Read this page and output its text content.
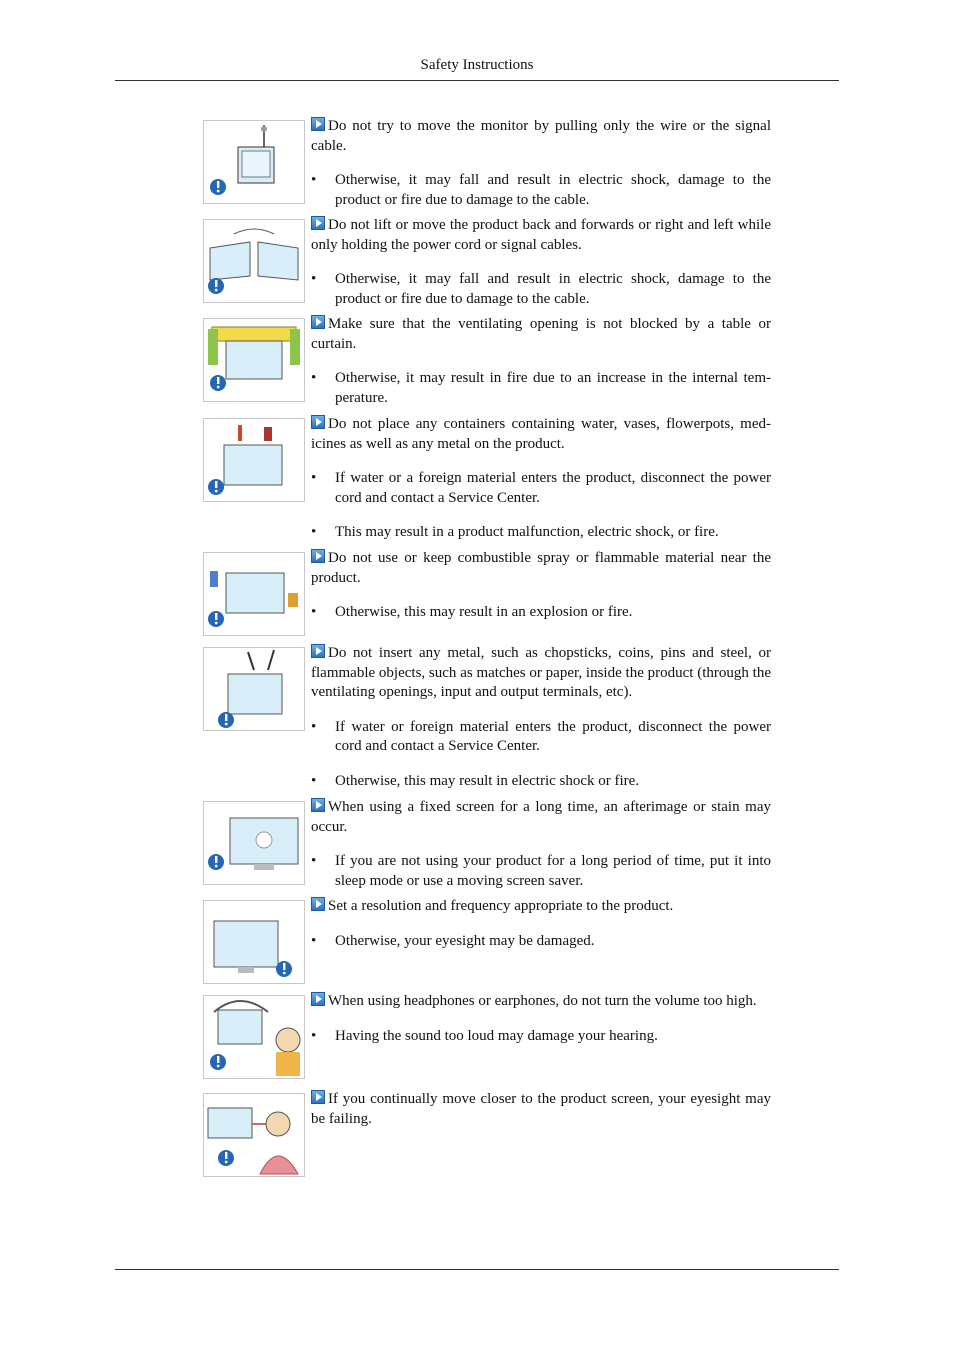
Safety Instructions

Do not try to move the monitor by pulling only the wire or the signal cable.

• Otherwise, it may fall and result in electric shock, damage to the product or fire due to damage to the cable.

Do not lift or move the product back and forwards or right and left while only holding the power cord or signal cables.

• Otherwise, it may fall and result in electric shock, damage to the product or fire due to damage to the cable.

Make sure that the ventilating opening is not blocked by a table or curtain.

• Otherwise, it may result in fire due to an increase in the internal tem-perature.

Do not place any containers containing water, vases, flowerpots, med-icines as well as any metal on the product.

• If water or a foreign material enters the product, disconnect the power cord and contact a Service Center.

• This may result in a product malfunction, electric shock, or fire.

Do not use or keep combustible spray or flammable material near the product.

• Otherwise, this may result in an explosion or fire.

Do not insert any metal, such as chopsticks, coins, pins and steel, or flammable objects, such as matches or paper, inside the product (through the ventilating openings, input and output terminals, etc).

• If water or foreign material enters the product, disconnect the power cord and contact a Service Center.

• Otherwise, this may result in electric shock or fire.

When using a fixed screen for a long time, an afterimage or stain may occur.

• If you are not using your product for a long period of time, put it into sleep mode or use a moving screen saver.

Set a resolution and frequency appropriate to the product.

• Otherwise, your eyesight may be damaged.

When using headphones or earphones, do not turn the volume too high.

• Having the sound too loud may damage your hearing.

If you continually move closer to the product screen, your eyesight may be failing.
